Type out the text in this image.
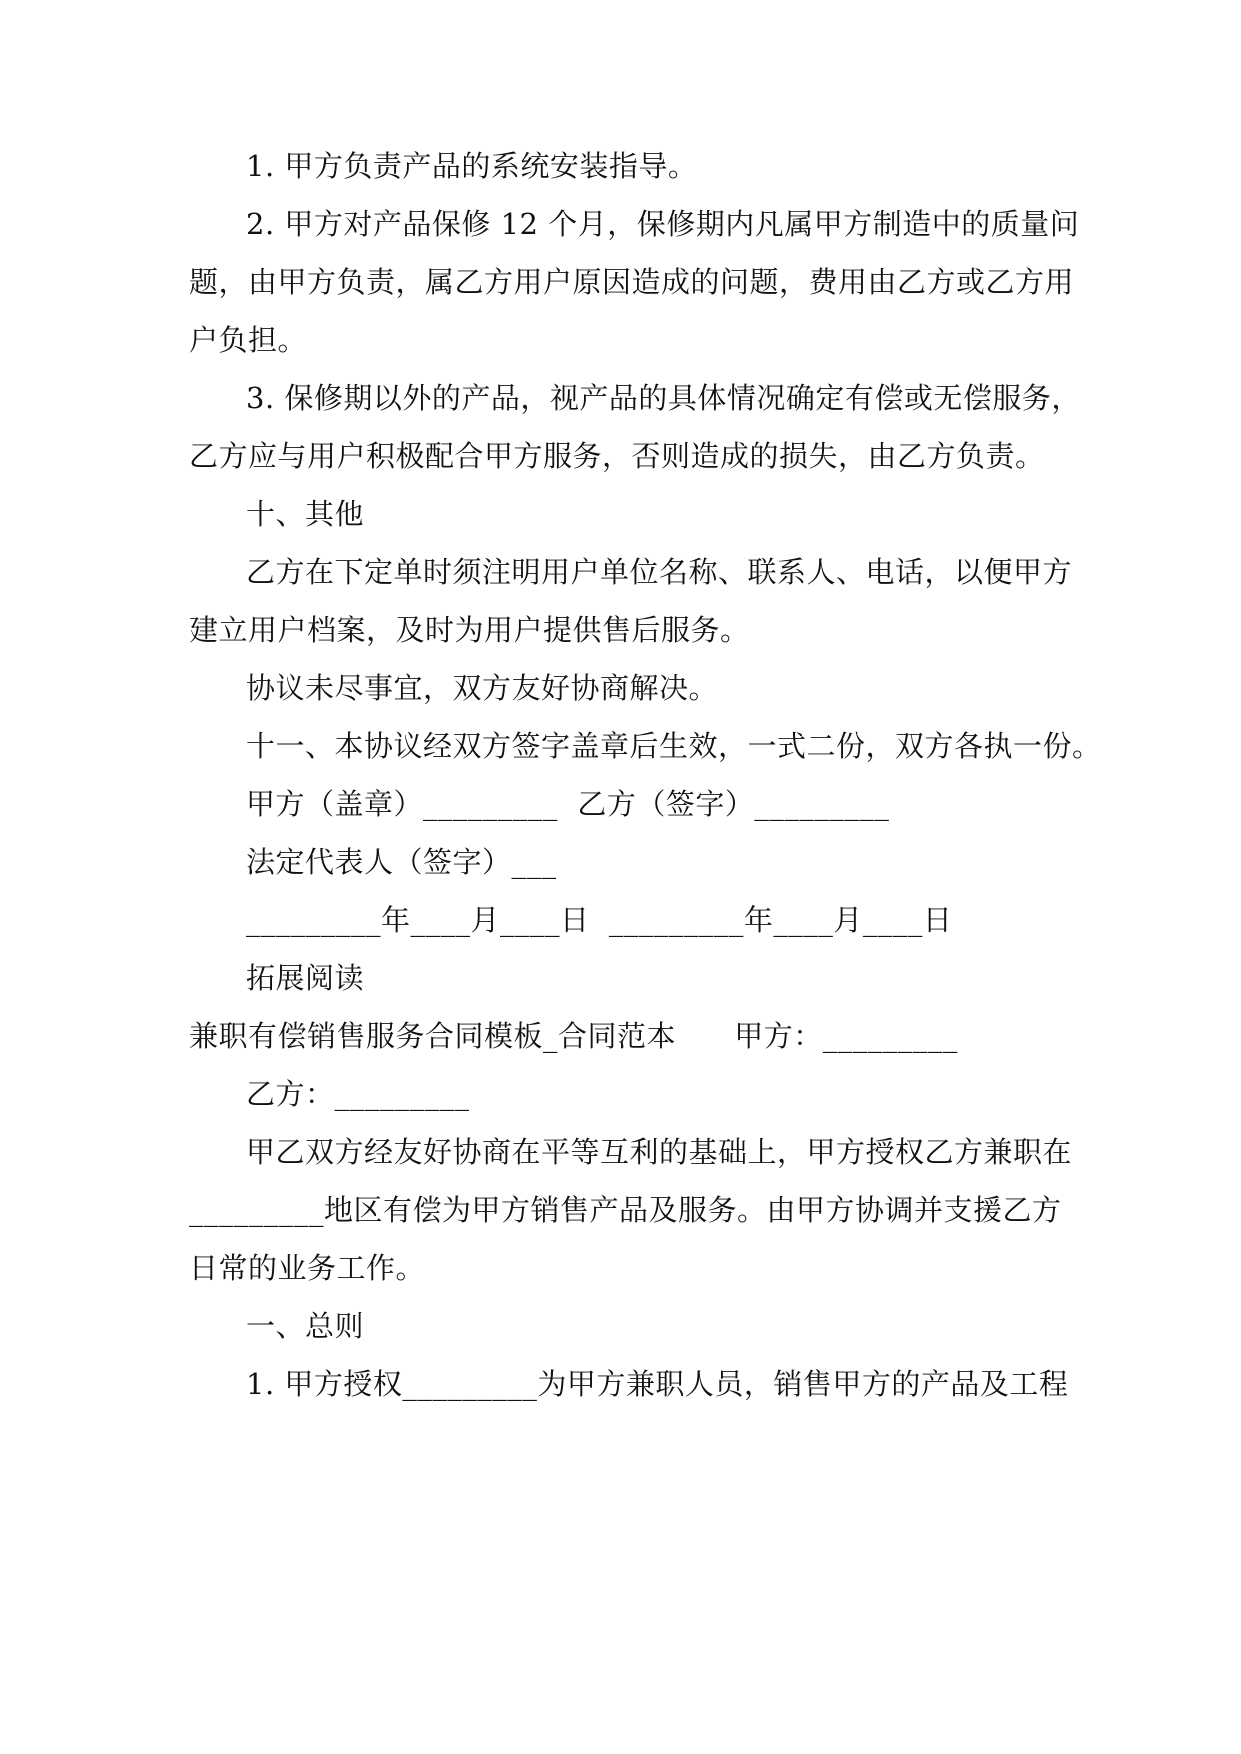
1. 甲方负责产品的系统安装指导。
2. 甲方对产品保修 12 个月，保修期内凡属甲方制造中的质量问
题，由甲方负责，属乙方用户原因造成的问题，费用由乙方或乙方用
户负担。
3. 保修期以外的产品，视产品的具体情况确定有偿或无偿服务，
乙方应与用户积极配合甲方服务，否则造成的损失，由乙方负责。
十、其他
乙方在下定单时须注明用户单位名称、联系人、电话，以便甲方
建立用户档案，及时为用户提供售后服务。
协议未尽事宜，双方友好协商解决。
十一、本协议经双方签字盖章后生效，一式二份，双方各执一份。
甲方（盖章）_________  乙方（签字）_________
法定代表人（签字）___
_________年____月____日  _________年____月____日
拓展阅读
兼职有偿销售服务合同模板_合同范本      甲方：_________
乙方：_________
甲乙双方经友好协商在平等互利的基础上，甲方授权乙方兼职在
_________地区有偿为甲方销售产品及服务。由甲方协调并支援乙方
日常的业务工作。
一、总则
1. 甲方授权_________为甲方兼职人员，销售甲方的产品及工程
